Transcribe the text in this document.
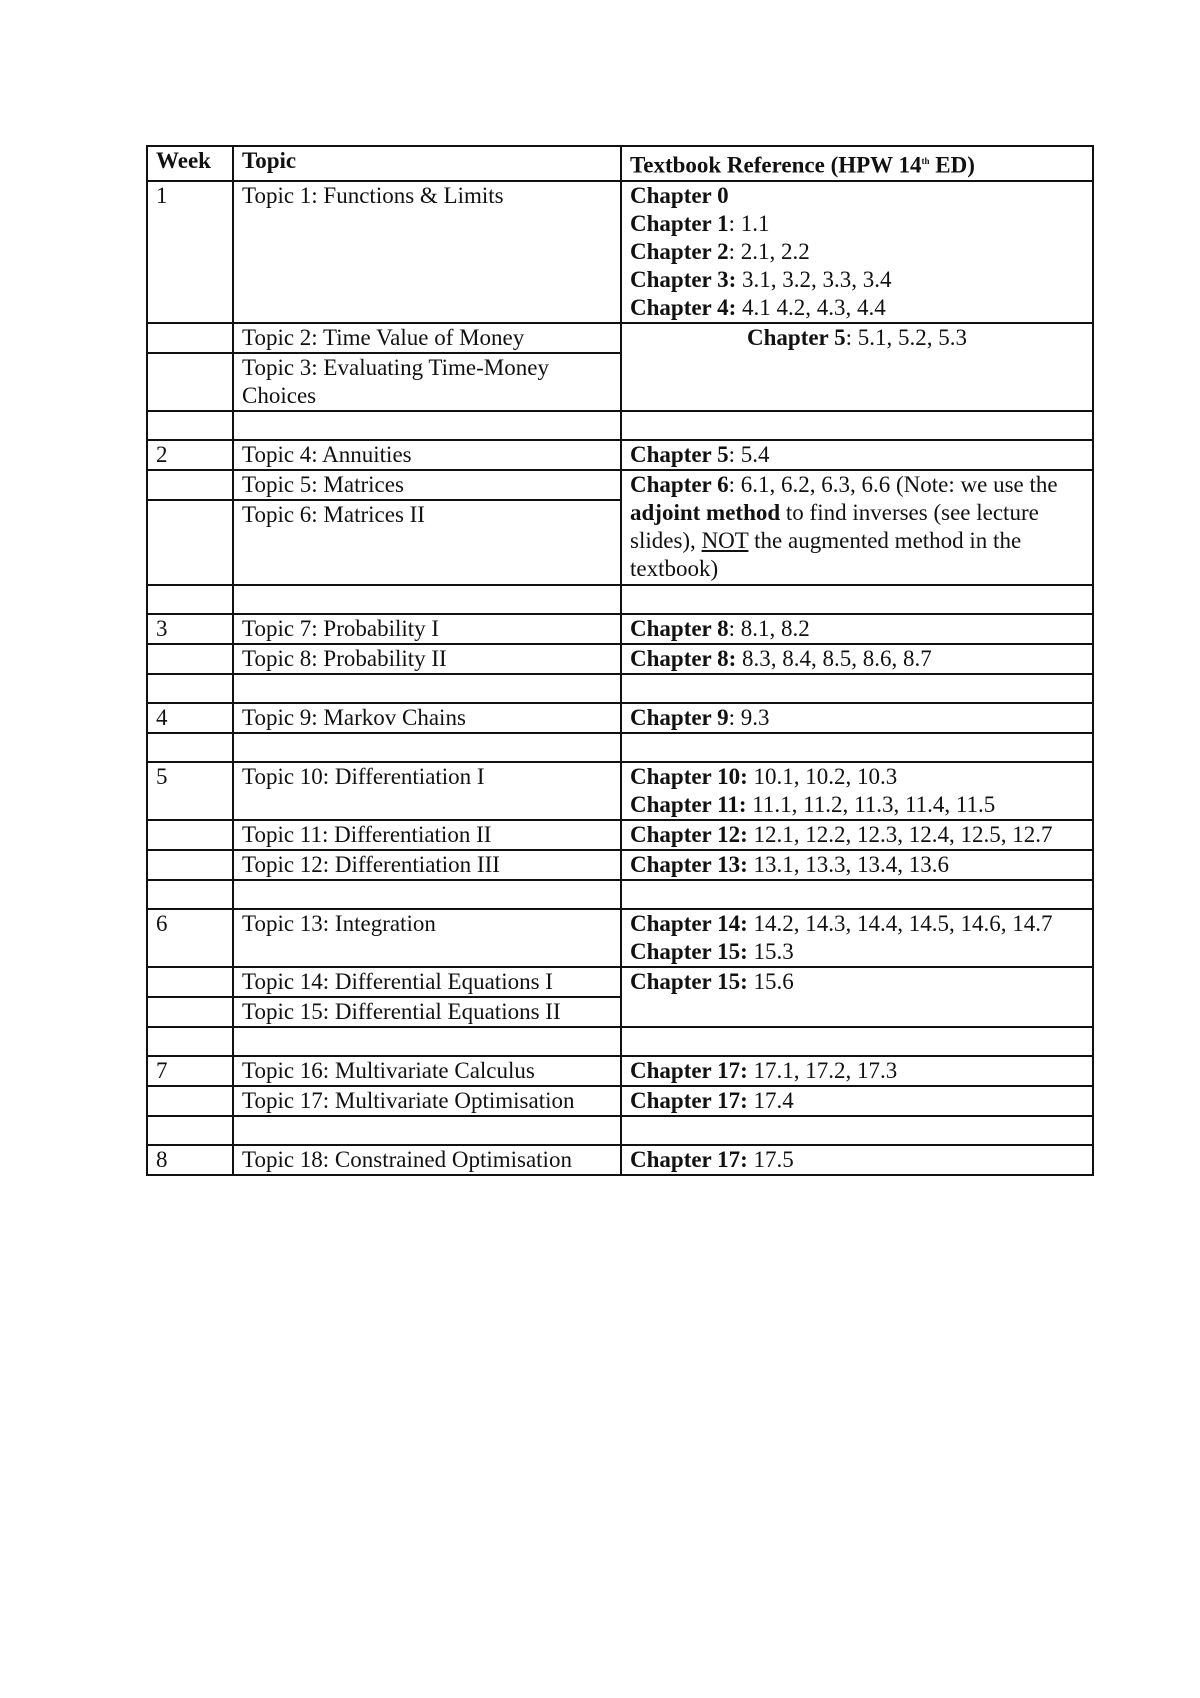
Week	Topic	Textbook Reference (HPW 14th ED)
1	Topic 1: Functions & Limits	Chapter 0
Chapter 1: 1.1
Chapter 2: 2.1, 2.2
Chapter 3: 3.1, 3.2, 3.3, 3.4
Chapter 4: 4.1 4.2, 4.3, 4.4

	Topic 2: Time Value of Money	Chapter 5: 5.1, 5.2, 5.3
	Topic 3: Evaluating Time-Money Choices	

2	Topic 4: Annuities	Chapter 5: 5.4
	Topic 5: Matrices	Chapter 6: 6.1, 6.2, 6.3, 6.6 (Note: we use the adjoint method to find inverses (see lecture slides), NOT the augmented method in the textbook)
	Topic 6: Matrices II	

3	Topic 7: Probability I	Chapter 8: 8.1, 8.2
	Topic 8: Probability II	Chapter 8: 8.3, 8.4, 8.5, 8.6, 8.7

4	Topic 9: Markov Chains	Chapter 9: 9.3

5	Topic 10: Differentiation I	Chapter 10: 10.1, 10.2, 10.3
Chapter 11: 11.1, 11.2, 11.3, 11.4, 11.5

	Topic 11: Differentiation II	Chapter 12: 12.1, 12.2, 12.3, 12.4, 12.5, 12.7
	Topic 12: Differentiation III	Chapter 13: 13.1, 13.3, 13.4, 13.6

6	Topic 13: Integration	Chapter 14: 14.2, 14.3, 14.4, 14.5, 14.6, 14.7
Chapter 15: 15.3

	Topic 14: Differential Equations I	Chapter 15: 15.6
	Topic 15: Differential Equations II	

7	Topic 16: Multivariate Calculus	Chapter 17: 17.1, 17.2, 17.3
	Topic 17: Multivariate Optimisation	Chapter 17: 17.4

8	Topic 18: Constrained Optimisation	Chapter 17: 17.5
